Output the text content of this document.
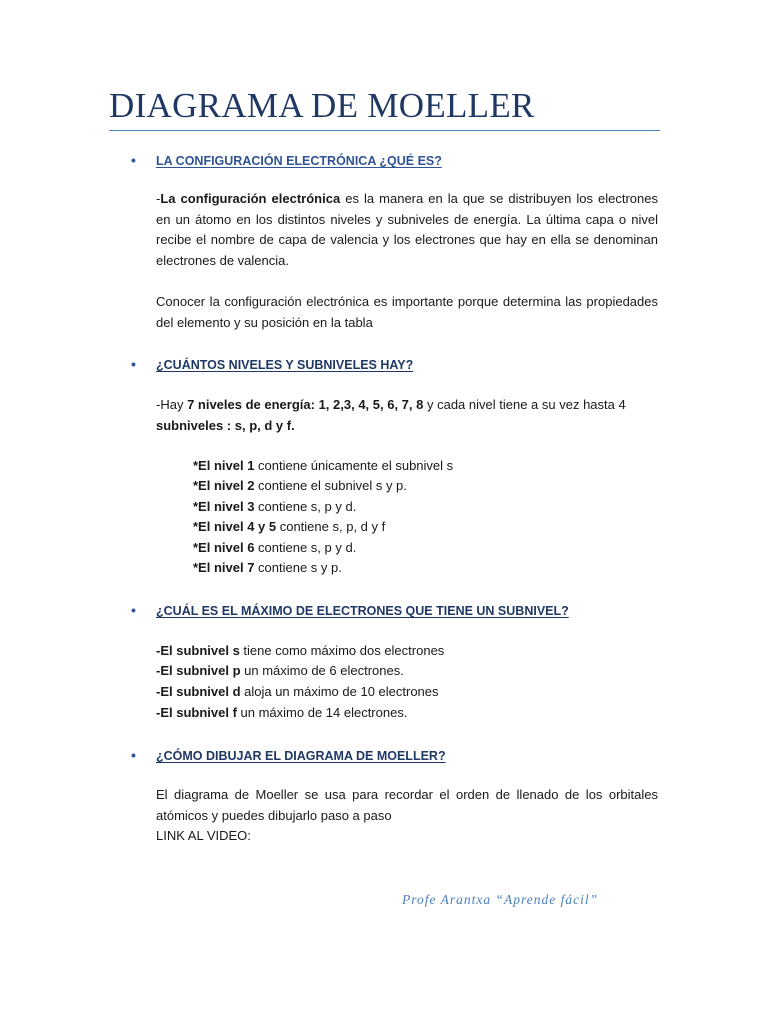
DIAGRAMA DE MOELLER
• LA CONFIGURACIÓN ELECTRÓNICA ¿QUÉ ES?

-La configuración electrónica es la manera en la que se distribuyen los electrones en un átomo en los distintos niveles y subniveles de energía. La última capa o nivel recibe el nombre de capa de valencia y los electrones que hay en ella se denominan electrones de valencia.

Conocer la configuración electrónica es importante porque determina las propiedades del elemento y su posición en la tabla

• ¿CUÁNTOS NIVELES Y SUBNIVELES HAY?

-Hay 7 niveles de energía: 1, 2,3, 4, 5, 6, 7, 8 y cada nivel tiene a su vez hasta 4
subniveles : s, p, d y f.

*El nivel 1 contiene únicamente el subnivel s
*El nivel 2 contiene el subnivel s y p.
*El nivel 3 contiene s, p y d.
*El nivel 4 y 5 contiene s, p, d y f
*El nivel 6 contiene s, p y d.
*El nivel 7 contiene s y p.
• ¿CUÁL ES EL MÁXIMO DE ELECTRONES QUE TIENE UN SUBNIVEL?
-El subnivel s tiene como máximo dos electrones
-El subnivel p un máximo de 6 electrones.
-El subnivel d aloja un máximo de 10 electrones
-El subnivel f un máximo de 14 electrones.
• ¿CÓMO DIBUJAR EL DIAGRAMA DE MOELLER?

El diagrama de Moeller se usa para recordar el orden de llenado de los orbitales atómicos y puedes dibujarlo paso a paso

LINK AL VIDEO:
Profe Arantxa “Aprende fácil”
